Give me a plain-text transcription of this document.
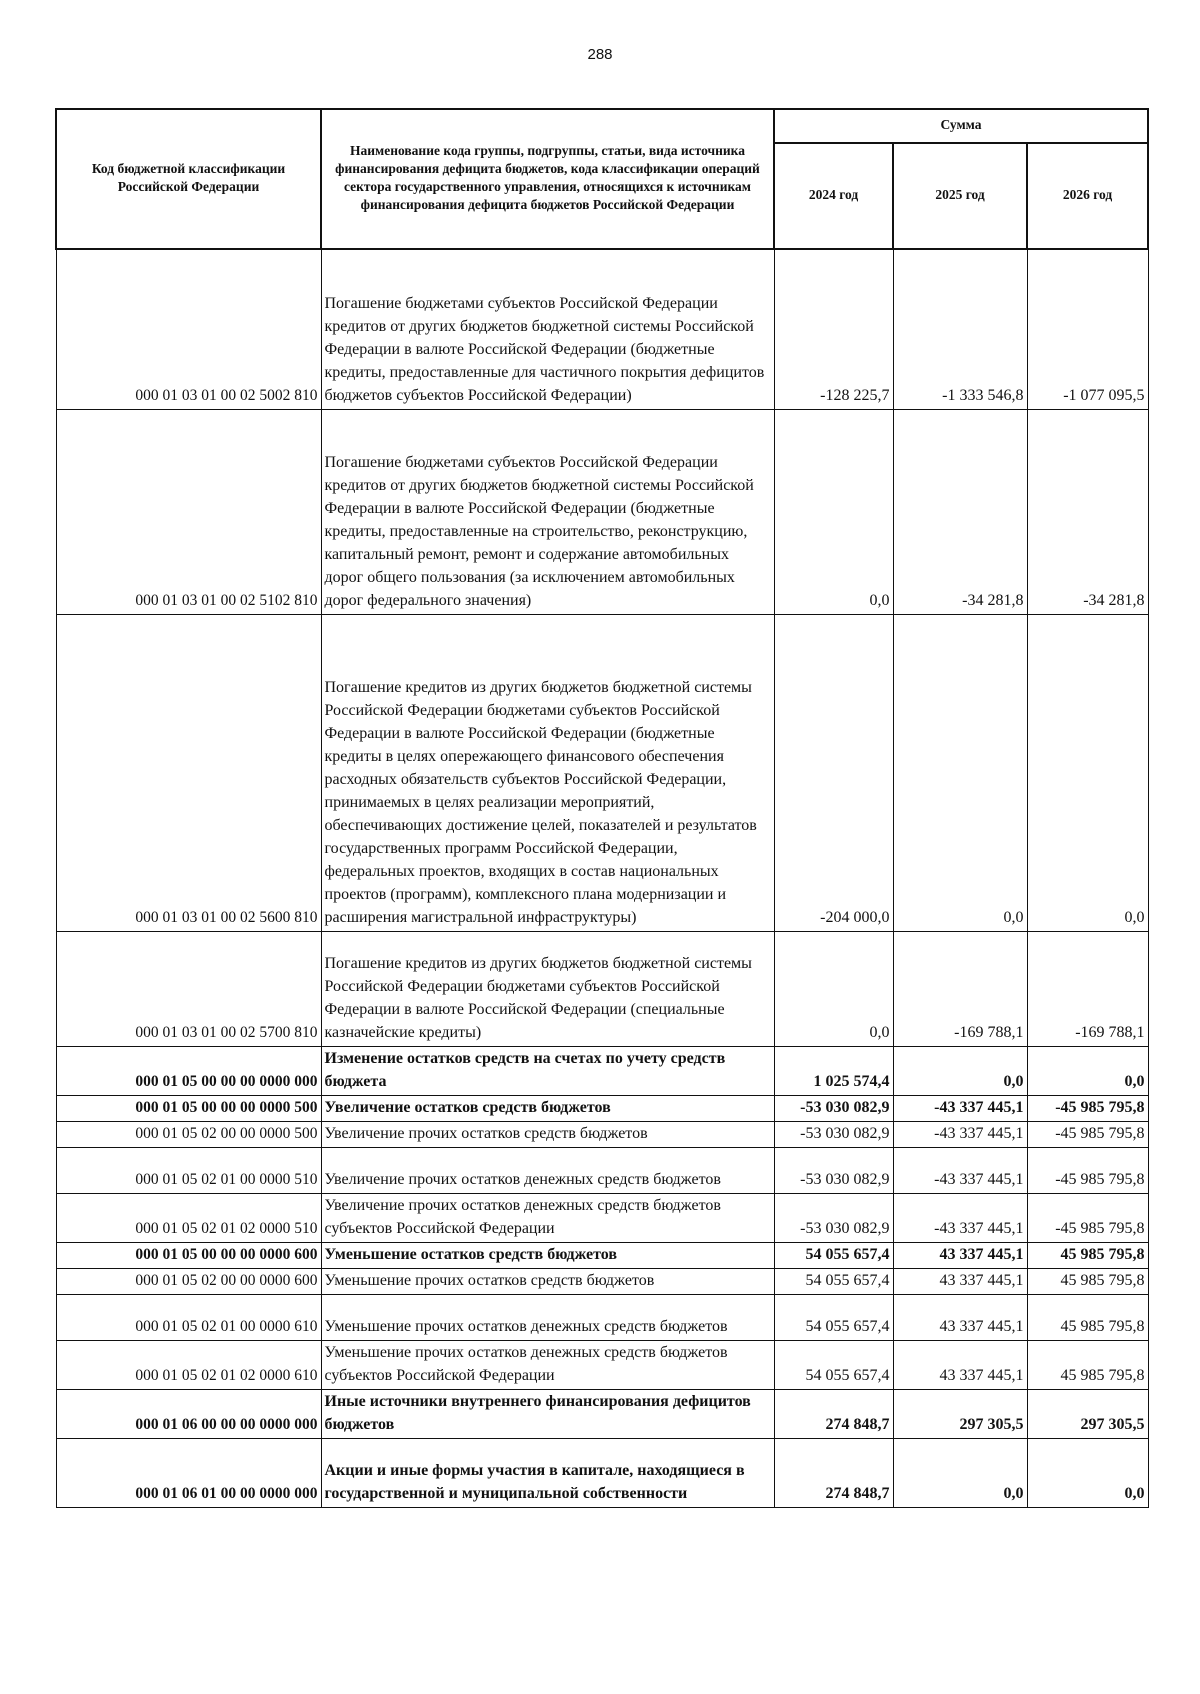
288
Код бюджетной классификации Российской Федерации	Наименование кода группы, подгруппы, статьи, вида источника финансирования дефицита бюджетов, кода классификации операций сектора государственного управления, относящихся к источникам финансирования дефицита бюджетов Российской Федерации	Сумма		
		2024 год	2025 год	2026 год
000 01 03 01 00 02 5002 810	Погашение бюджетами субъектов Российской Федерации кредитов от других бюджетов бюджетной системы Российской Федерации в валюте Российской Федерации (бюджетные кредиты, предоставленные для частичного покрытия дефицитов бюджетов субъектов Российской Федерации)	-128 225,7	-1 333 546,8	-1 077 095,5
000 01 03 01 00 02 5102 810	Погашение бюджетами субъектов Российской Федерации кредитов от других бюджетов бюджетной системы Российской Федерации в валюте Российской Федерации (бюджетные кредиты, предоставленные на строительство, реконструкцию, капитальный ремонт, ремонт и содержание автомобильных дорог общего пользования (за исключением автомобильных дорог федерального значения)	0,0	-34 281,8	-34 281,8
000 01 03 01 00 02 5600 810	Погашение кредитов из других бюджетов бюджетной системы Российской Федерации бюджетами субъектов Российской Федерации в валюте Российской Федерации (бюджетные кредиты в целях опережающего финансового обеспечения расходных обязательств субъектов Российской Федерации, принимаемых в целях реализации мероприятий, обеспечивающих достижение целей, показателей и результатов государственных программ Российской Федерации, федеральных проектов, входящих в состав национальных проектов (программ), комплексного плана модернизации и расширения магистральной инфраструктуры)	-204 000,0	0,0	0,0
000 01 03 01 00 02 5700 810	Погашение кредитов из других бюджетов бюджетной системы Российской Федерации бюджетами субъектов Российской Федерации в валюте Российской Федерации (специальные казначейские кредиты)	0,0	-169 788,1	-169 788,1
000 01 05 00 00 00 0000 000	Изменение остатков средств на счетах по учету средств бюджета	1 025 574,4	0,0	0,0
000 01 05 00 00 00 0000 500	Увеличение остатков средств бюджетов	-53 030 082,9	-43 337 445,1	-45 985 795,8
000 01 05 02 00 00 0000 500	Увеличение прочих остатков средств бюджетов	-53 030 082,9	-43 337 445,1	-45 985 795,8
000 01 05 02 01 00 0000 510	Увеличение прочих остатков денежных средств бюджетов	-53 030 082,9	-43 337 445,1	-45 985 795,8
000 01 05 02 01 02 0000 510	Увеличение прочих остатков денежных средств бюджетов субъектов Российской Федерации	-53 030 082,9	-43 337 445,1	-45 985 795,8
000 01 05 00 00 00 0000 600	Уменьшение остатков средств бюджетов	54 055 657,4	43 337 445,1	45 985 795,8
000 01 05 02 00 00 0000 600	Уменьшение прочих остатков средств бюджетов	54 055 657,4	43 337 445,1	45 985 795,8
000 01 05 02 01 00 0000 610	Уменьшение прочих остатков денежных средств бюджетов	54 055 657,4	43 337 445,1	45 985 795,8
000 01 05 02 01 02 0000 610	Уменьшение прочих остатков денежных средств бюджетов субъектов Российской Федерации	54 055 657,4	43 337 445,1	45 985 795,8
000 01 06 00 00 00 0000 000	Иные источники внутреннего финансирования дефицитов бюджетов	274 848,7	297 305,5	297 305,5
000 01 06 01 00 00 0000 000	Акции и иные формы участия в капитале, находящиеся в государственной и муниципальной собственности	274 848,7	0,0	0,0
